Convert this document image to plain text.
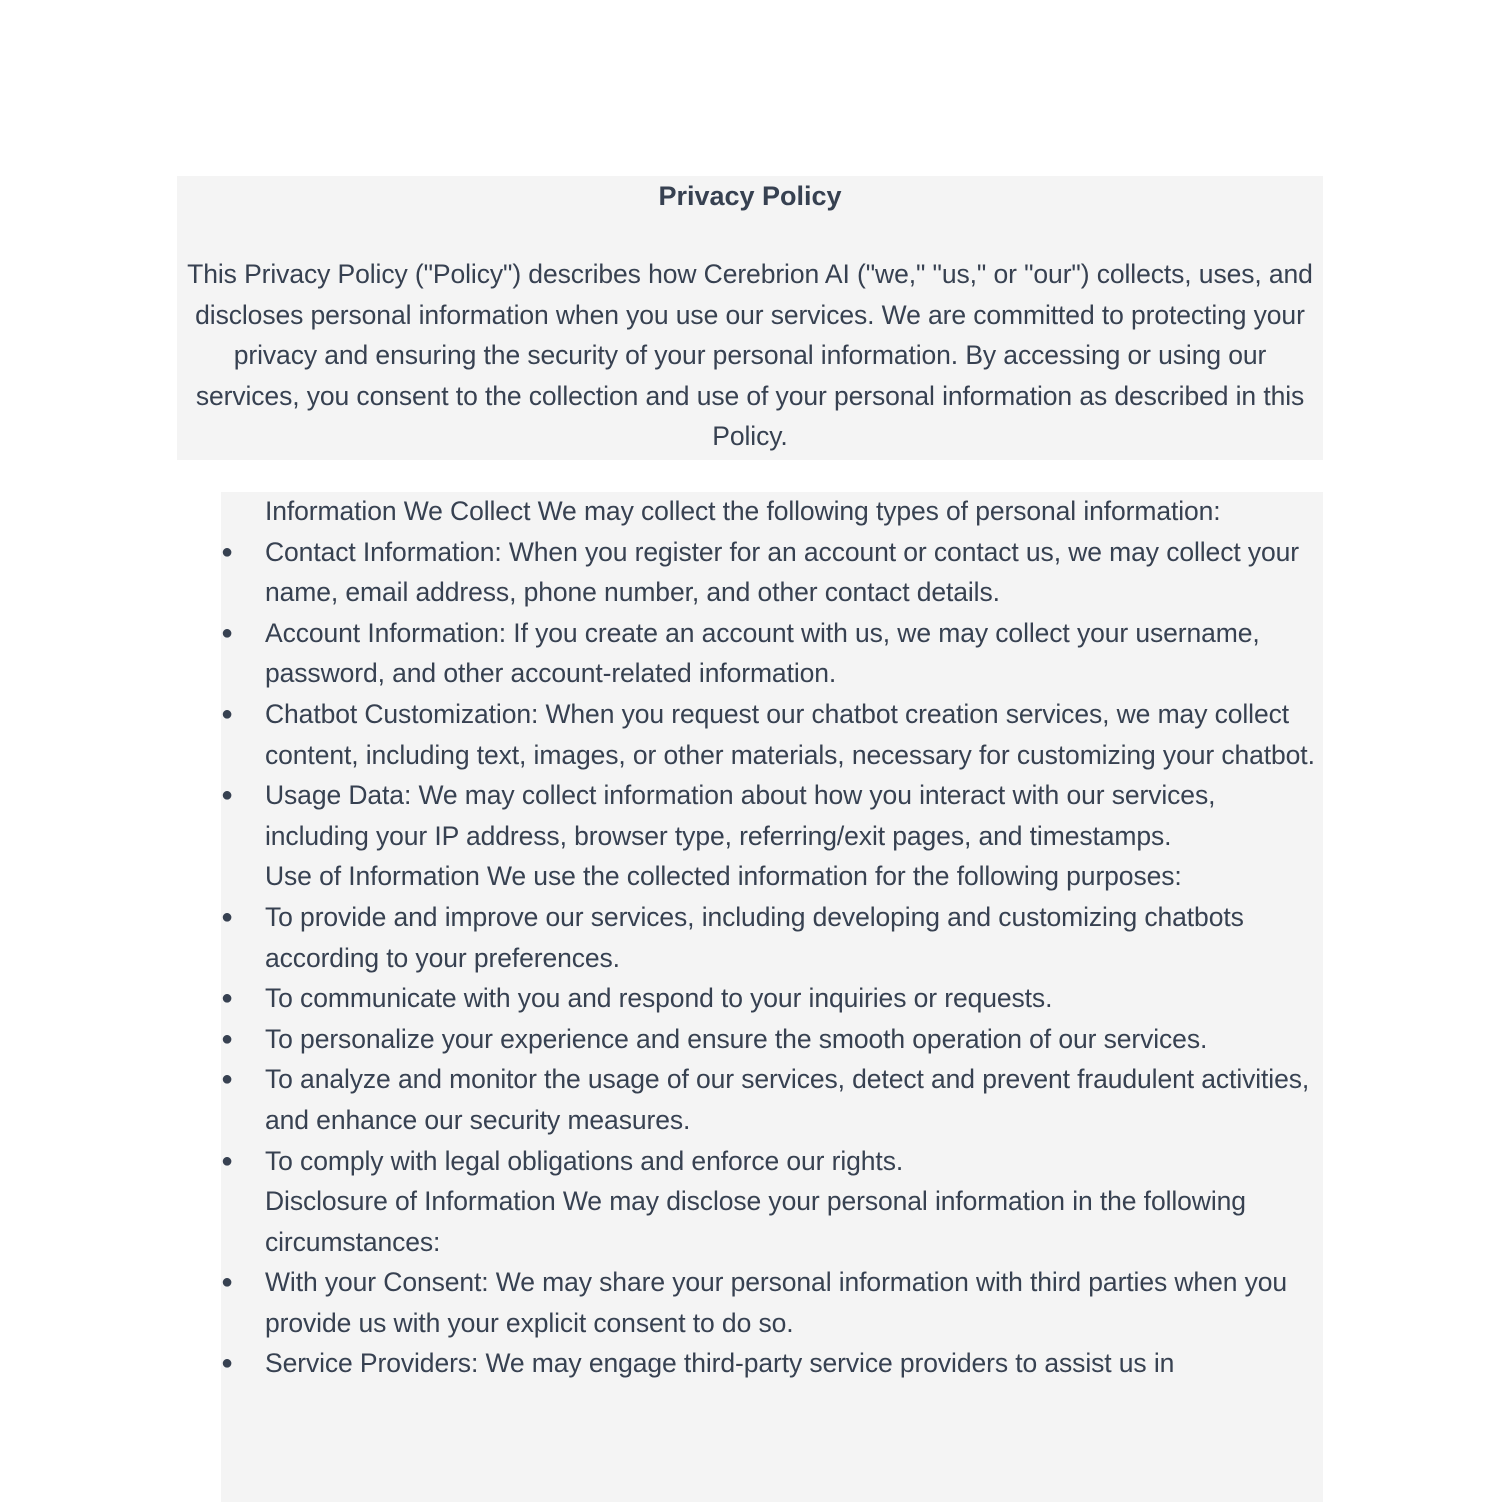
Privacy Policy
This Privacy Policy ("Policy") describes how Cerebrion AI ("we," "us," or "our") collects, uses, and discloses personal information when you use our services. We are committed to protecting your privacy and ensuring the security of your personal information. By accessing or using our services, you consent to the collection and use of your personal information as described in this Policy.
Information We Collect We may collect the following types of personal information:
●	Contact Information: When you register for an account or contact us, we may collect your name, email address, phone number, and other contact details.
●	Account Information: If you create an account with us, we may collect your username, password, and other account-related information.
●	Chatbot Customization: When you request our chatbot creation services, we may collect content, including text, images, or other materials, necessary for customizing your chatbot.
●	Usage Data: We may collect information about how you interact with our services, including your IP address, browser type, referring/exit pages, and timestamps.
Use of Information We use the collected information for the following purposes:
●	To provide and improve our services, including developing and customizing chatbots according to your preferences.
●	To communicate with you and respond to your inquiries or requests.
●	To personalize your experience and ensure the smooth operation of our services.
●	To analyze and monitor the usage of our services, detect and prevent fraudulent activities, and enhance our security measures.
●	To comply with legal obligations and enforce our rights.
Disclosure of Information We may disclose your personal information in the following circumstances:
●	With your Consent: We may share your personal information with third parties when you provide us with your explicit consent to do so.
●	Service Providers: We may engage third-party service providers to assist us in
